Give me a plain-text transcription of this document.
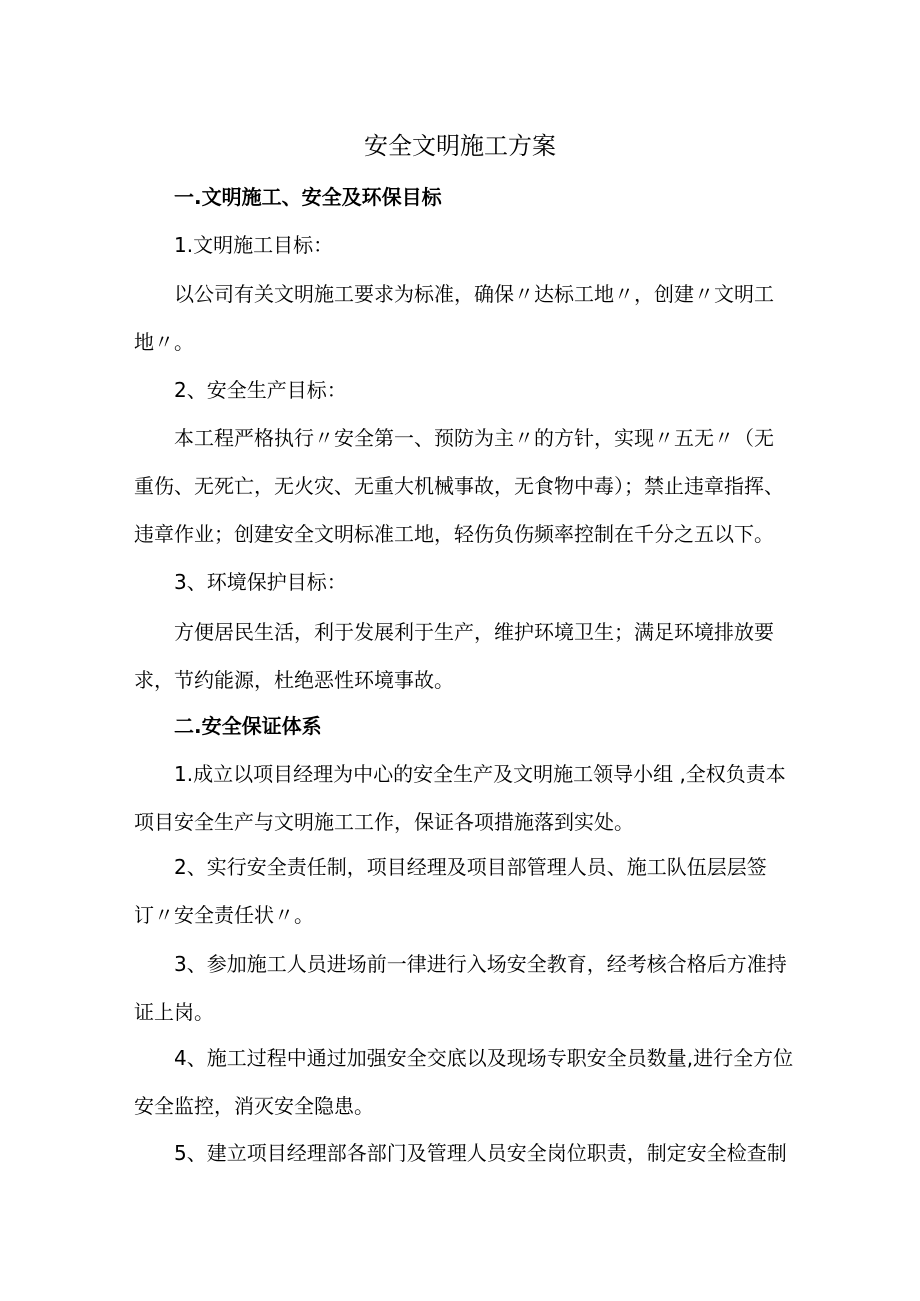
安全文明施工方案

一.文明施工、安全及环保目标

1.文明施工目标：

以公司有关文明施工要求为标准，确保〃达标工地〃，创建〃文明工

地〃。

2、安全生产目标：

本工程严格执行〃安全第一、预防为主〃的方针，实现〃五无〃（无

重伤、无死亡，无火灾、无重大机械事故，无食物中毒）；禁止违章指挥、

违章作业；创建安全文明标准工地，轻伤负伤频率控制在千分之五以下。

3、环境保护目标：

方便居民生活，利于发展利于生产，维护环境卫生；满足环境排放要

求，节约能源，杜绝恶性环境事故。

二.安全保证体系

1.成立以项目经理为中心的安全生产及文明施工领导小组 ,全权负责本

项目安全生产与文明施工工作，保证各项措施落到实处。

2、实行安全责任制，项目经理及项目部管理人员、施工队伍层层签

订〃安全责任状〃。

3、参加施工人员进场前一律进行入场安全教育，经考核合格后方准持

证上岗。

4、施工过程中通过加强安全交底以及现场专职安全员数量,进行全方位

安全监控，消灭安全隐患。

5、建立项目经理部各部门及管理人员安全岗位职责，制定安全检查制
